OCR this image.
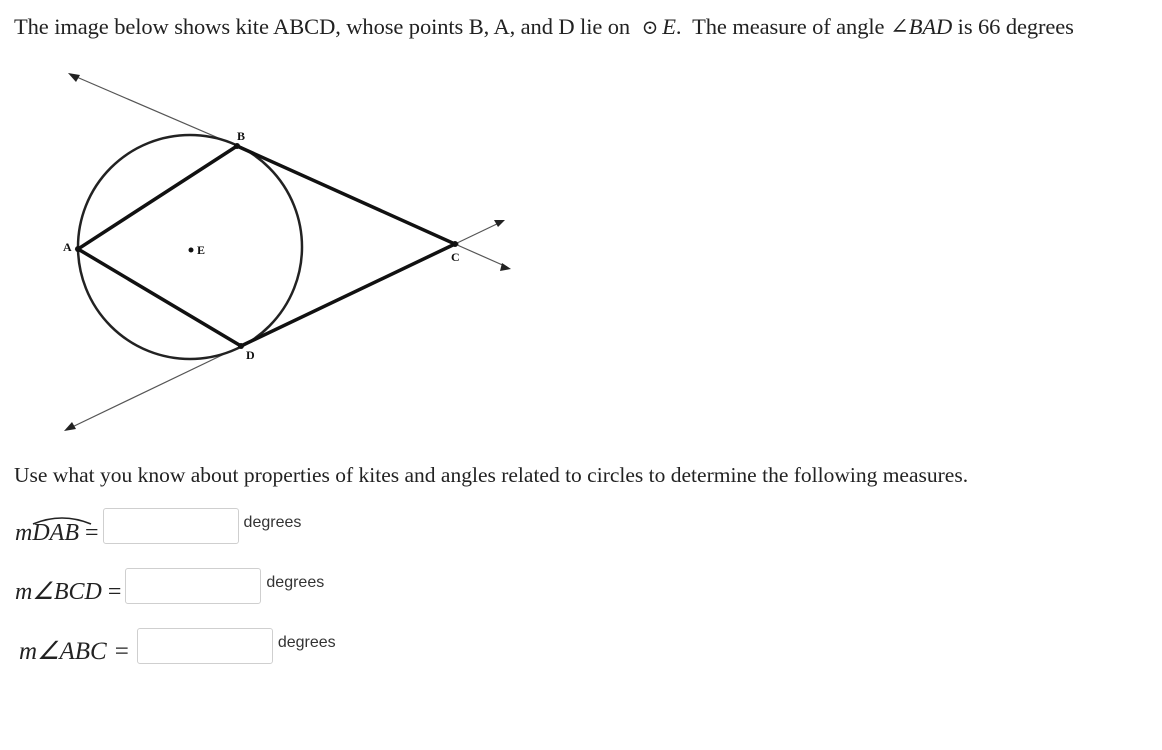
The image below shows kite ABCD, whose points B, A, and D lie on ⊙ E. The measure of angle ∠BAD is 66 degrees
A
B
C
D
E
Use what you know about properties of kites and angles related to circles to determine the following measures.
m DAB =	degrees
m ∠BCD =	degrees
m ∠ABC =	degrees
